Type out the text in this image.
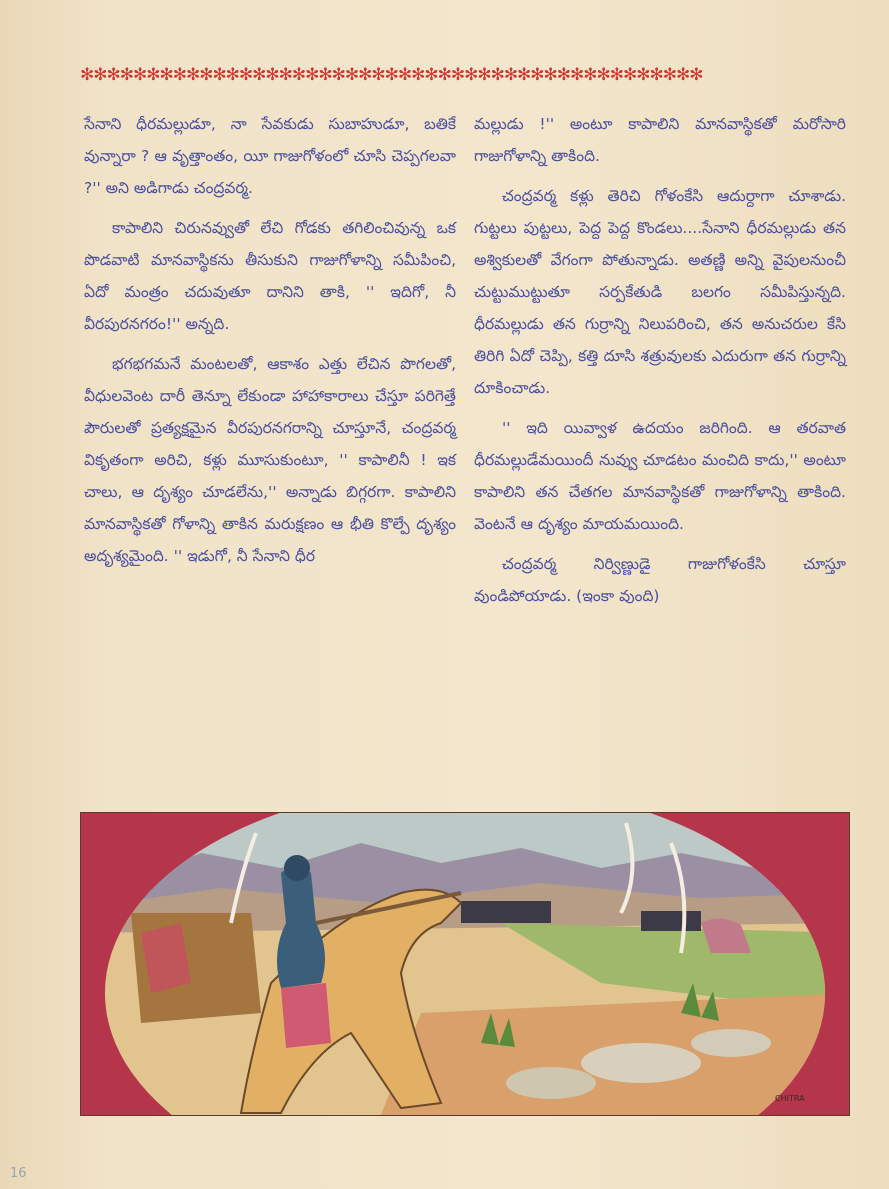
✻✻✻✻✻✻✻✻✻✻✻✻✻✻✻✻✻✻✻✻✻✻✻✻✻✻✻✻✻✻✻✻✻✻✻✻✻✻✻✻✻✻✻✻✻✻✻

సేనాని ధీరమల్లుడూ, నా సేవకుడు సుబాహుడూ, బతికే వున్నారా ? ఆ వృత్తాంతం, యీ గాజుగోళంలో చూసి చెప్పగలవా ?'' అని అడిగాడు చంద్రవర్మ.

కాపాలిని చిరునవ్వుతో లేచి గోడకు తగిలించివున్న ఒక పొడవాటి మానవాస్థికను తీసుకుని గాజుగోళాన్ని సమీపించి, ఏదో మంత్రం చదువుతూ దానిని తాకి, '' ఇదిగో, నీ వీరపురనగరం!'' అన్నది.

భగభగమనే మంటలతో, ఆకాశం ఎత్తు లేచిన పొగలతో, వీధులవెంట దారీ తెన్నూ లేకుండా హాహాకారాలు చేస్తూ పరిగెత్తే పౌరులతో ప్రత్యక్షమైన వీరపురనగరాన్ని చూస్తూనే, చంద్రవర్మ వికృతంగా అరిచి, కళ్లు మూసుకుంటూ, '' కాపాలినీ ! ఇక చాలు, ఆ దృశ్యం చూడలేను,'' అన్నాడు బిగ్గరగా. కాపాలిని మానవాస్థికతో గోళాన్ని తాకిన మరుక్షణం ఆ భీతి కొల్పే దృశ్యం అదృశ్యమైంది. '' ఇడుగో, నీ సేనాని ధీర

మల్లుడు !'' అంటూ కాపాలిని మానవాస్థికతో మరోసారి గాజుగోళాన్ని తాకింది.

చంద్రవర్మ కళ్లు తెరిచి గోళంకేసి ఆదుర్దాగా చూశాడు. గుట్టలు పుట్టలు, పెద్ద పెద్ద కొండలు....సేనాని ధీరమల్లుడు తన అశ్వికులతో వేగంగా పోతున్నాడు. అతణ్ణి అన్ని వైపులనుంచీ చుట్టుముట్టుతూ సర్పకేతుడి బలగం సమీపిస్తున్నది. ధీరమల్లుడు తన గుర్రాన్ని నిలుపరించి, తన అనుచరుల కేసి తిరిగి ఏదో చెప్పి, కత్తి దూసి శత్రువులకు ఎదురుగా తన గుర్రాన్ని దూకించాడు.

'' ఇది యివ్వాళ ఉదయం జరిగింది. ఆ తరవాత ధీరమల్లుడేమయిందీ నువ్వు చూడటం మంచిది కాదు,'' అంటూ కాపాలిని తన చేతగల మానవాస్థికతో గాజుగోళాన్ని తాకింది. వెంటనే ఆ దృశ్యం మాయమయింది.

చంద్రవర్మ నిర్విణ్ణుడై గాజుగోళంకేసి చూస్తూ వుండిపోయాడు. (ఇంకా వుంది)

CHITRA
16
